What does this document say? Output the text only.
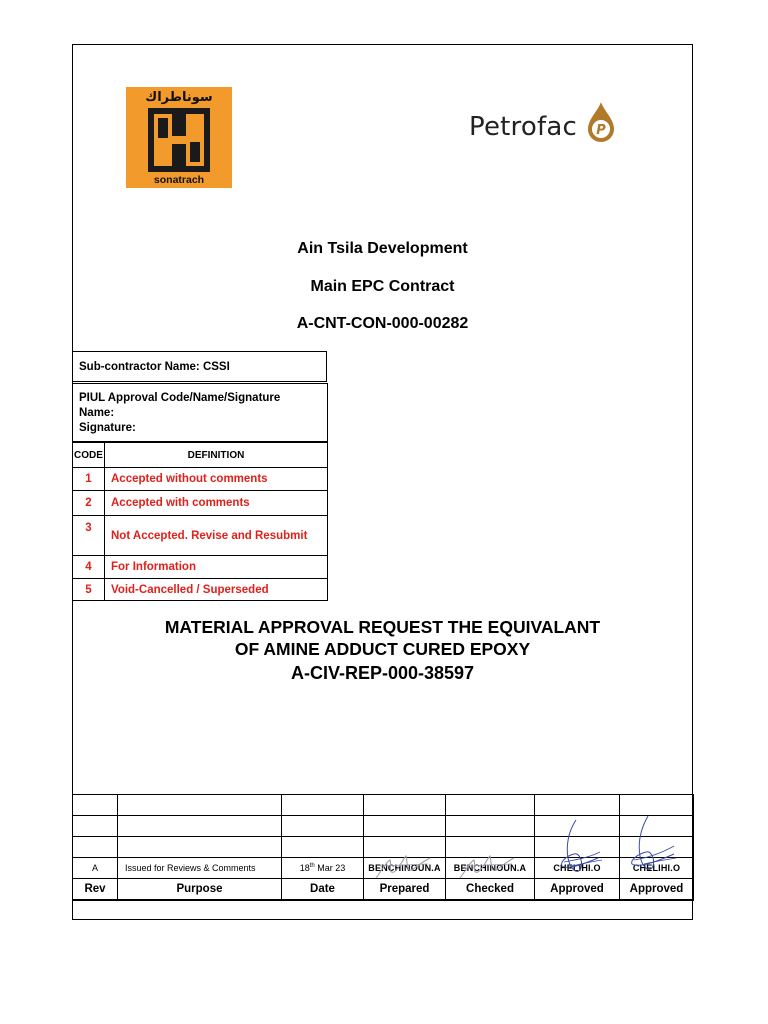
سوناطراك
sonatrach
Petrofac P
Ain Tsila Development
Main EPC Contract
A-CNT-CON-000-00282
Sub-contractor Name: CSSI
PIUL Approval Code/Name/Signature
Name:
Signature:
CODE	DEFINITION
1	Accepted without comments
2	Accepted with comments
3	Not Accepted. Revise and Resubmit
4	For Information
5	Void-Cancelled / Superseded
MATERIAL APPROVAL REQUEST THE EQUIVALANT
OF AMINE ADDUCT CURED EPOXY
A-CIV-REP-000-38597

A	Issued for Reviews & Comments	18th Mar 23	BENCHINOUN.A	BENCHINOUN.A	CHELIHI.O	CHELIHI.O
Rev	Purpose	Date	Prepared	Checked	Approved	Approved
